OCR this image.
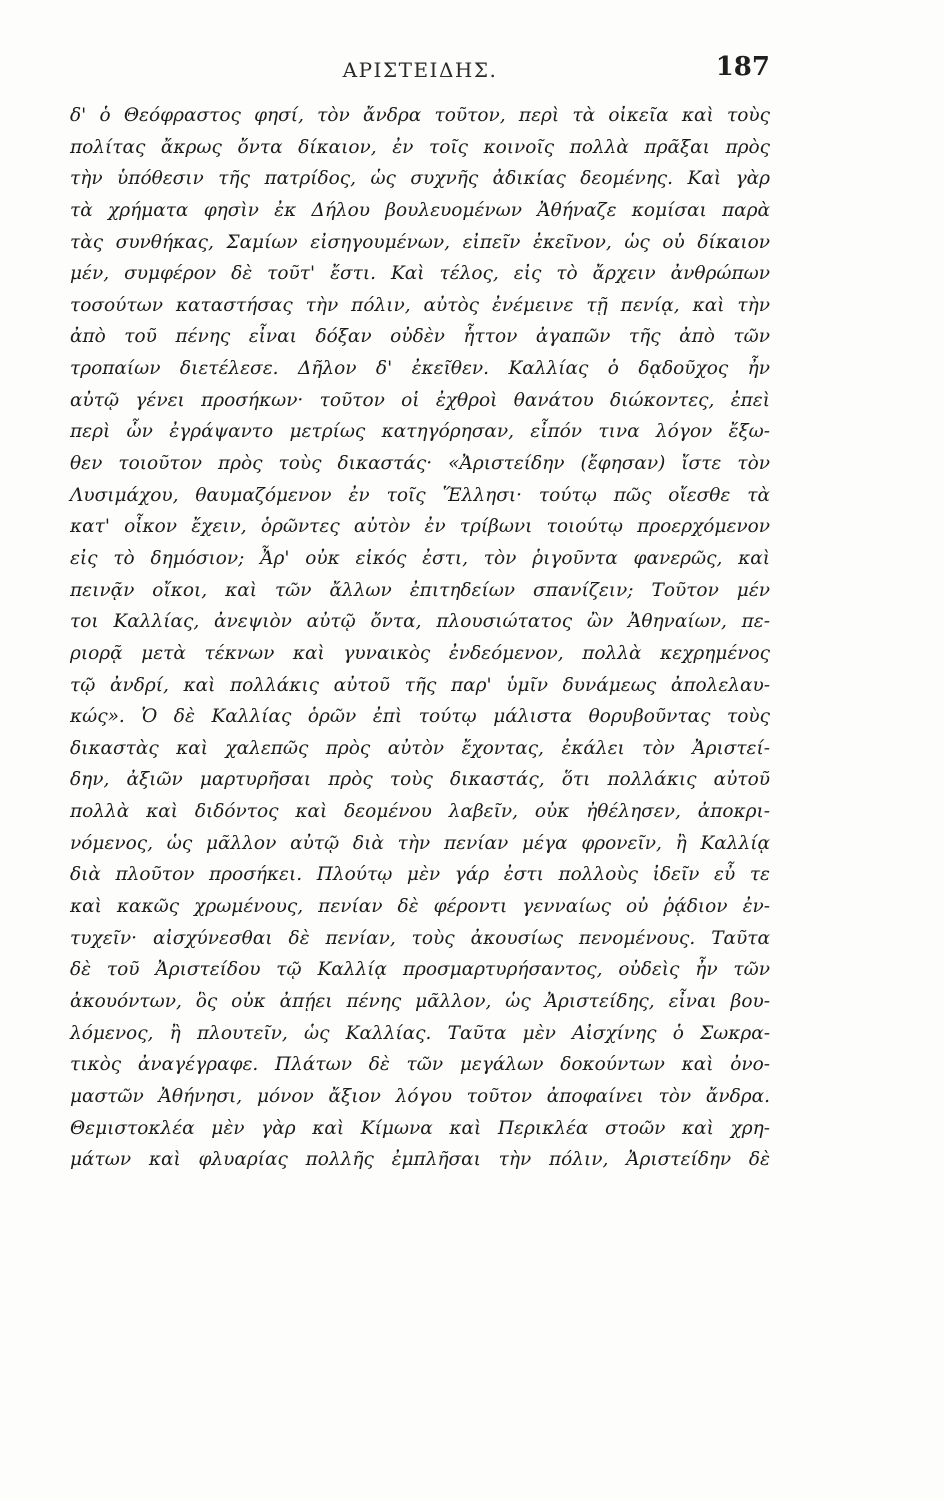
ΑΡΙΣΤΕΙΔΗΣ.	187
δ' ὁ Θεόφραστος φησί, τὸν ἄνδρα τοῦτον, περὶ τὰ οἰκεῖα καὶ τοὺς
πολίτας ἄκρως ὄντα δίκαιον, ἐν τοῖς κοινοῖς πολλὰ πρᾶξαι πρὸς
τὴν ὑπόθεσιν τῆς πατρίδος, ὡς συχνῆς ἀδικίας δεομένης. Καὶ γὰρ
τὰ χρήματα φησὶν ἐκ Δήλου βουλευομένων Ἀθήναζε κομίσαι παρὰ
τὰς συνθήκας, Σαμίων εἰσηγουμένων, εἰπεῖν ἐκεῖνον, ὡς οὐ δίκαιον
μέν, συμφέρον δὲ τοῦτ' ἔστι. Καὶ τέλος, εἰς τὸ ἄρχειν ἀνθρώπων
τοσούτων καταστήσας τὴν πόλιν, αὐτὸς ἐνέμεινε τῇ πενίᾳ, καὶ τὴν
ἀπὸ τοῦ πένης εἶναι δόξαν οὐδὲν ἧττον ἀγαπῶν τῆς ἀπὸ τῶν
τροπαίων διετέλεσε. Δῆλον δ' ἐκεῖθεν. Καλλίας ὁ δᾳδοῦχος ἦν
αὐτῷ γένει προσήκων· τοῦτον οἱ ἐχθροὶ θανάτου διώκοντες, ἐπεὶ
περὶ ὧν ἐγράψαντο μετρίως κατηγόρησαν, εἶπόν τινα λόγον ἔξω-
θεν τοιοῦτον πρὸς τοὺς δικαστάς· «Ἀριστείδην (ἔφησαν) ἴστε τὸν
Λυσιμάχου, θαυμαζόμενον ἐν τοῖς Ἕλλησι· τούτῳ πῶς οἴεσθε τὰ
κατ' οἶκον ἔχειν, ὁρῶντες αὐτὸν ἐν τρίβωνι τοιούτῳ προερχόμενον
εἰς τὸ δημόσιον; Ἆρ' οὐκ εἰκός ἐστι, τὸν ῥιγοῦντα φανερῶς, καὶ
πεινᾷν οἴκοι, καὶ τῶν ἄλλων ἐπιτηδείων σπανίζειν; Τοῦτον μέν
τοι Καλλίας, ἀνεψιὸν αὐτῷ ὄντα, πλουσιώτατος ὢν Ἀθηναίων, πε-
ριορᾷ μετὰ τέκνων καὶ γυναικὸς ἐνδεόμενον, πολλὰ κεχρημένος
τῷ ἀνδρί, καὶ πολλάκις αὐτοῦ τῆς παρ' ὑμῖν δυνάμεως ἀπολελαυ-
κώς». Ὁ δὲ Καλλίας ὁρῶν ἐπὶ τούτῳ μάλιστα θορυβοῦντας τοὺς
δικαστὰς καὶ χαλεπῶς πρὸς αὐτὸν ἔχοντας, ἐκάλει τὸν Ἀριστεί-
δην, ἀξιῶν μαρτυρῆσαι πρὸς τοὺς δικαστάς, ὅτι πολλάκις αὐτοῦ
πολλὰ καὶ διδόντος καὶ δεομένου λαβεῖν, οὐκ ἠθέλησεν, ἀποκρι-
νόμενος, ὡς μᾶλλον αὐτῷ διὰ τὴν πενίαν μέγα φρονεῖν, ἢ Καλλίᾳ
διὰ πλοῦτον προσήκει. Πλούτῳ μὲν γάρ ἐστι πολλοὺς ἰδεῖν εὖ τε
καὶ κακῶς χρωμένους, πενίαν δὲ φέροντι γενναίως οὐ ῥᾴδιον ἐν-
τυχεῖν· αἰσχύνεσθαι δὲ πενίαν, τοὺς ἀκουσίως πενομένους. Ταῦτα
δὲ τοῦ Ἀριστείδου τῷ Καλλίᾳ προσμαρτυρήσαντος, οὐδεὶς ἦν τῶν
ἀκουόντων, ὃς οὐκ ἀπῄει πένης μᾶλλον, ὡς Ἀριστείδης, εἶναι βου-
λόμενος, ἢ πλουτεῖν, ὡς Καλλίας. Ταῦτα μὲν Αἰσχίνης ὁ Σωκρα-
τικὸς ἀναγέγραφε. Πλάτων δὲ τῶν μεγάλων δοκούντων καὶ ὀνο-
μαστῶν Ἀθήνησι, μόνον ἄξιον λόγου τοῦτον ἀποφαίνει τὸν ἄνδρα.
Θεμιστοκλέα μὲν γὰρ καὶ Κίμωνα καὶ Περικλέα στοῶν καὶ χρη-
μάτων καὶ φλυαρίας πολλῆς ἐμπλῆσαι τὴν πόλιν, Ἀριστείδην δὲ
